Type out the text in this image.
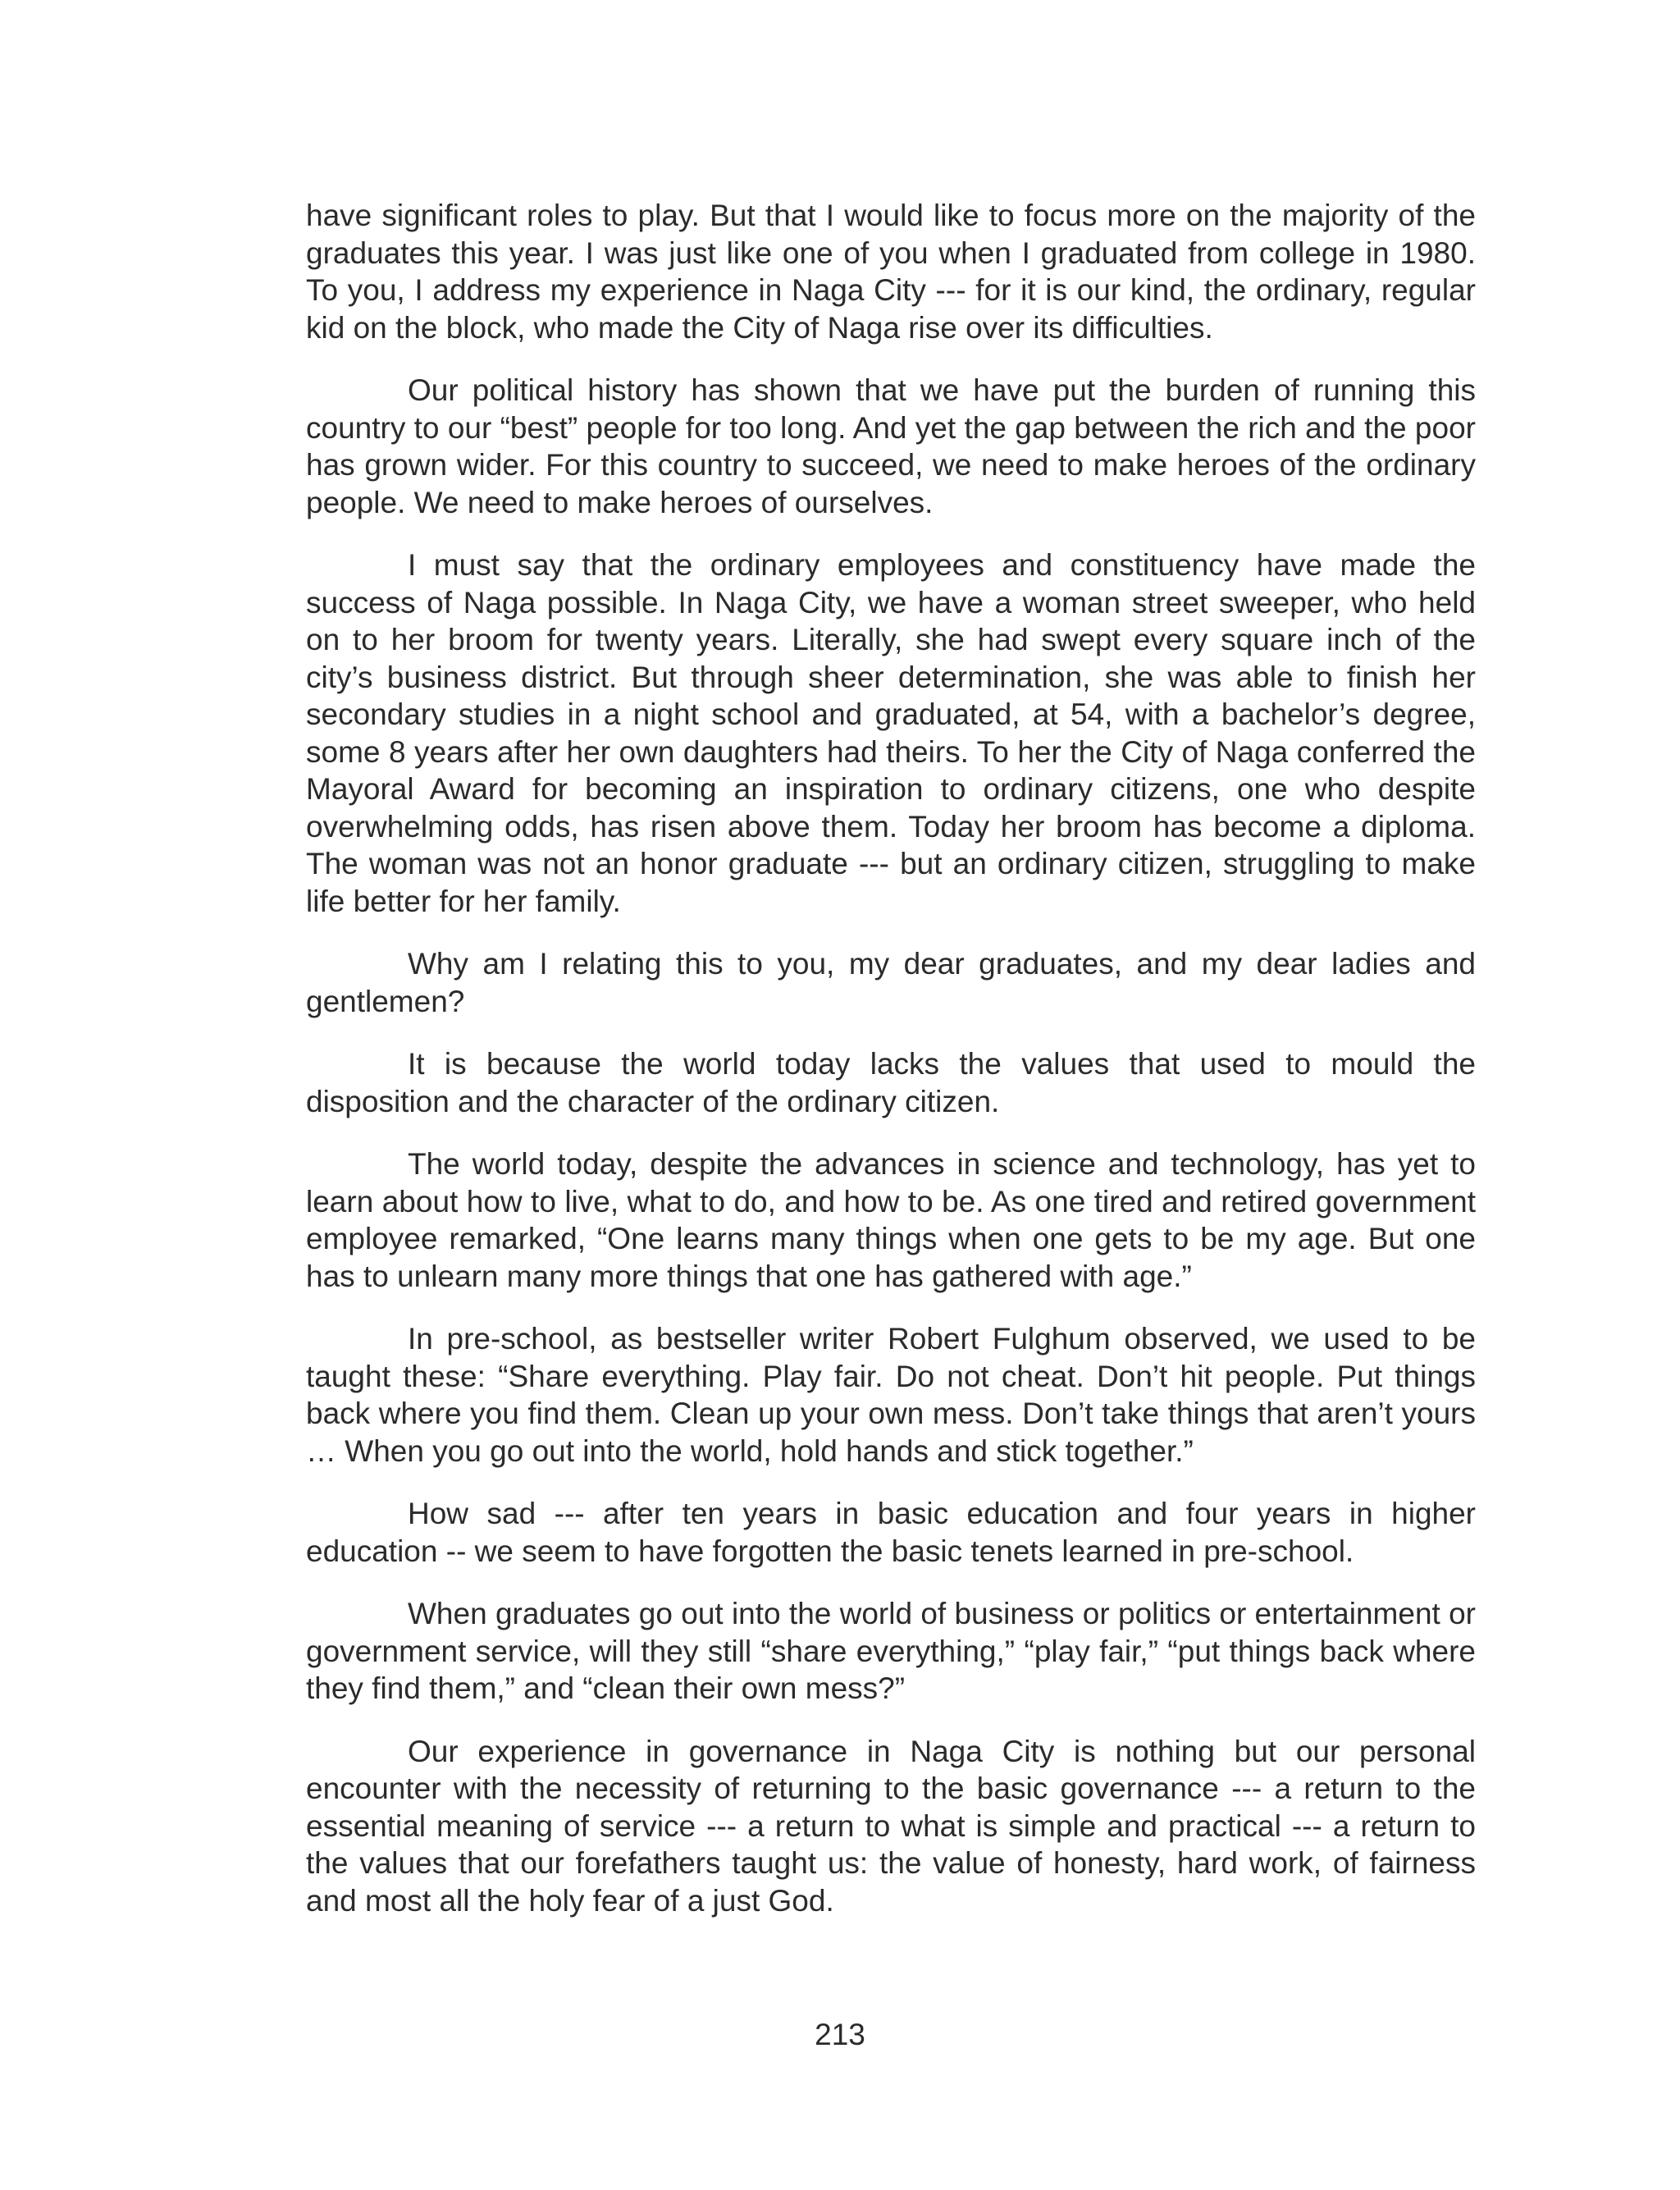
have significant roles to play. But that I would like to focus more on the majority of the graduates this year. I was just like one of you when I graduated from college in 1980. To you, I address my experience in Naga City --- for it is our kind, the ordinary, regular kid on the block, who made the City of Naga rise over its difficulties.

Our political history has shown that we have put the burden of running this country to our “best” people for too long. And yet the gap between the rich and the poor has grown wider. For this country to succeed, we need to make heroes of the ordinary people. We need to make heroes of ourselves.

I must say that the ordinary employees and constituency have made the success of Naga possible. In Naga City, we have a woman street sweeper, who held on to her broom for twenty years. Literally, she had swept every square inch of the city’s business district. But through sheer determination, she was able to finish her secondary studies in a night school and graduated, at 54, with a bachelor’s degree, some 8 years after her own daughters had theirs. To her the City of Naga conferred the Mayoral Award for becoming an inspiration to ordinary citizens, one who despite overwhelming odds, has risen above them. Today her broom has become a diploma. The woman was not an honor graduate --- but an ordinary citizen, struggling to make life better for her family.

Why am I relating this to you, my dear graduates, and my dear ladies and gentlemen?

It is because the world today lacks the values that used to mould the disposition and the character of the ordinary citizen.

The world today, despite the advances in science and technology, has yet to learn about how to live, what to do, and how to be. As one tired and retired government employee remarked, “One learns many things when one gets to be my age. But one has to unlearn many more things that one has gathered with age.”

In pre-school, as bestseller writer Robert Fulghum observed, we used to be taught these: “Share everything. Play fair. Do not cheat. Don’t hit people. Put things back where you find them. Clean up your own mess. Don’t take things that aren’t yours … When you go out into the world, hold hands and stick together.”

How sad --- after ten years in basic education and four years in higher education -- we seem to have forgotten the basic tenets learned in pre-school.

When graduates go out into the world of business or politics or entertainment or government service, will they still “share everything,” “play fair,” “put things back where they find them,” and “clean their own mess?”

Our experience in governance in Naga City is nothing but our personal encounter with the necessity of returning to the basic governance --- a return to the essential meaning of service --- a return to what is simple and practical --- a return to the values that our forefathers taught us: the value of honesty, hard work, of fairness and most all the holy fear of a just God.

213
